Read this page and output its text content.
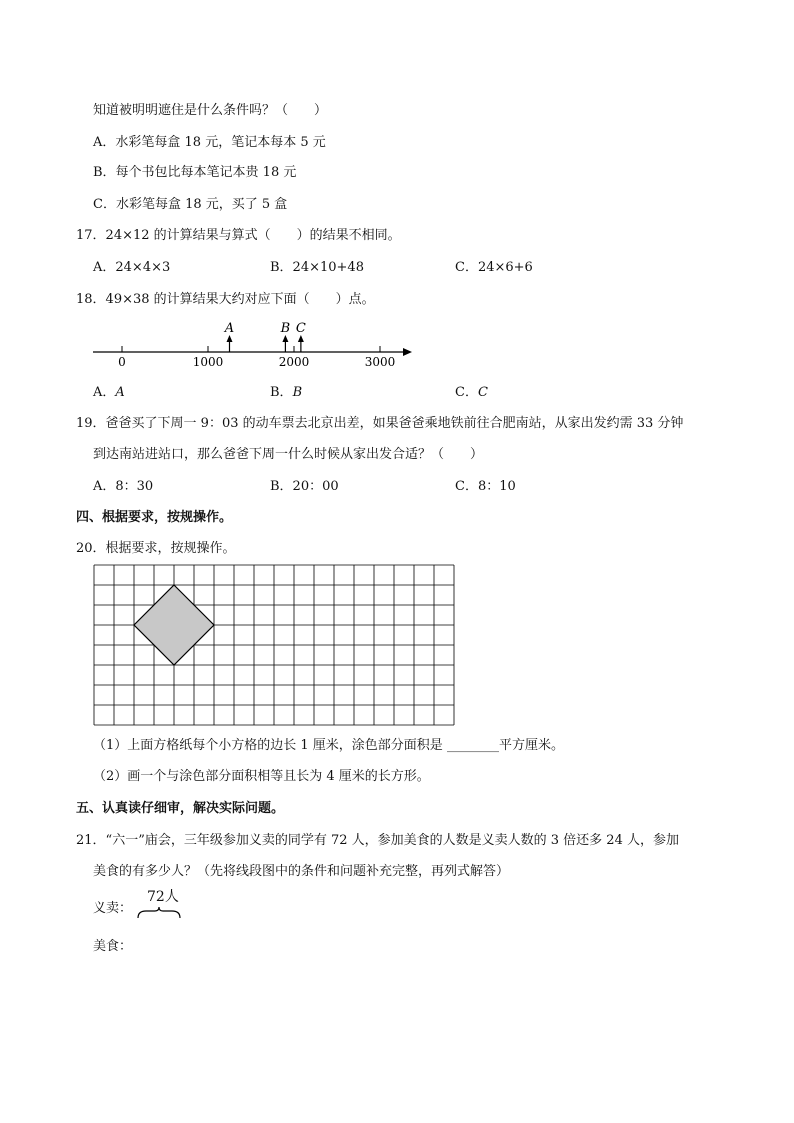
知道被明明遮住是什么条件吗？（　　）
A．水彩笔每盒 18 元，笔记本每本 5 元
B．每个书包比每本笔记本贵 18 元
C．水彩笔每盒 18 元，买了 5 盒
17．24×12 的计算结果与算式（　　）的结果不相同。
A．24×4×3	B．24×10+48	C．24×6+6
18．49×38 的计算结果大约对应下面（　　）点。
0	1000	2000	3000
A	B C
A．A	B．B	C．C
19．爸爸买了下周一 9：03 的动车票去北京出差，如果爸爸乘地铁前往合肥南站，从家出发约需 33 分钟
到达南站进站口，那么爸爸下周一什么时候从家出发合适？（　　）
A．8：30	B．20：00	C．8：10
四、根据要求，按规操作。
20．根据要求，按规操作。
（1）上面方格纸每个小方格的边长 1 厘米，涂色部分面积是 ________平方厘米。
（2）画一个与涂色部分面积相等且长为 4 厘米的长方形。
五、认真读仔细审，解决实际问题。
21．“六一”庙会，三年级参加义卖的同学有 72 人，参加美食的人数是义卖人数的 3 倍还多 24 人，参加
美食的有多少人？（先将线段图中的条件和问题补充完整，再列式解答）
义卖：
72人
美食：
